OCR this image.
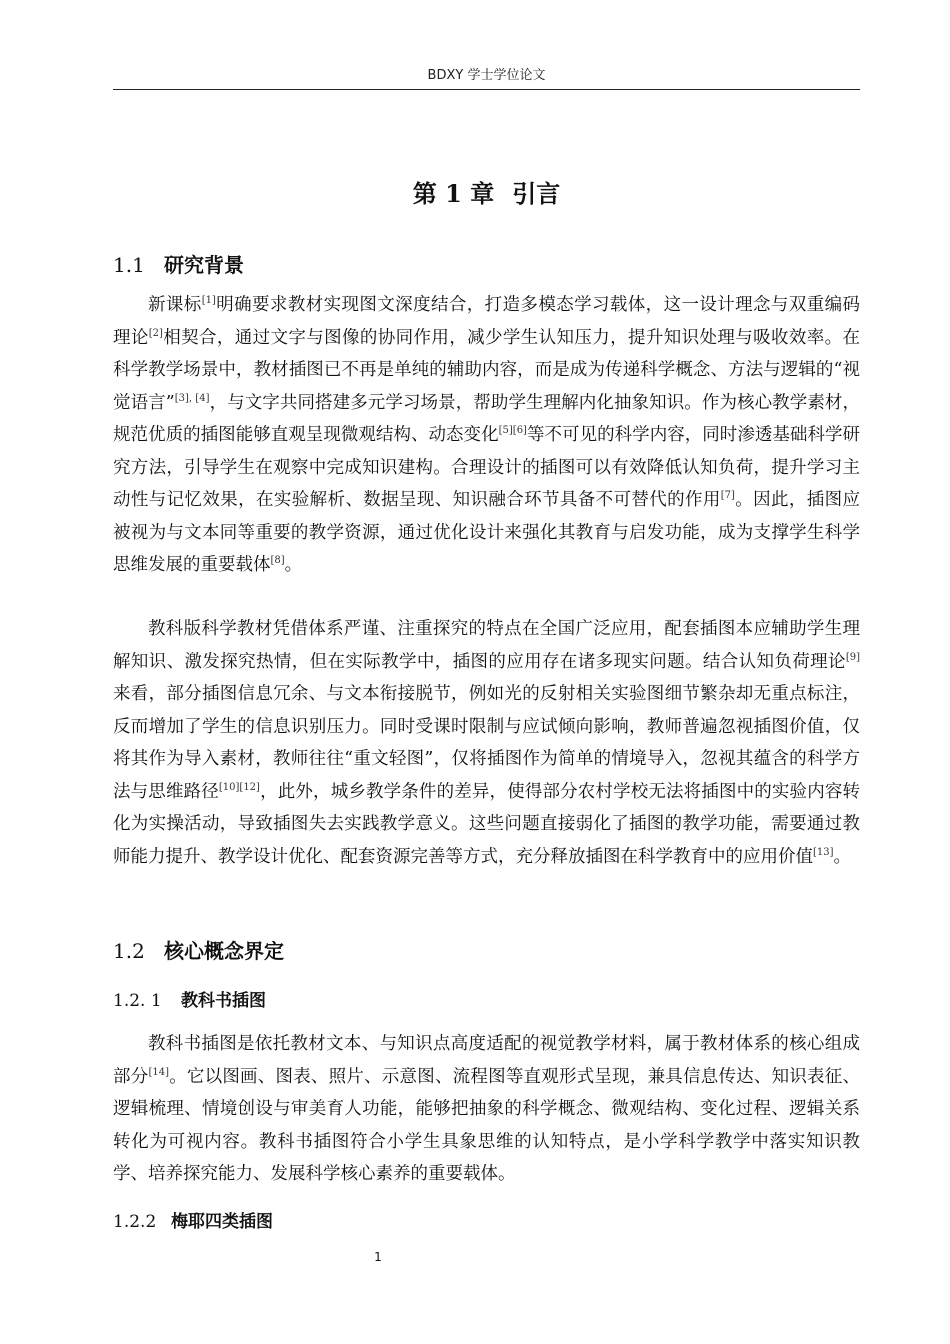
BDXY 学士学位论文
第 1 章 引言
1.1 研究背景

新课标[1]明确要求教材实现图文深度结合，打造多模态学习载体，这一设计理念与双重编码理论[2]相契合，通过文字与图像的协同作用，减少学生认知压力，提升知识处理与吸收效率。在科学教学场景中，教材插图已不再是单纯的辅助内容，而是成为传递科学概念、方法与逻辑的“视觉语言”[3], [4]，与文字共同搭建多元学习场景，帮助学生理解内化抽象知识。作为核心教学素材，规范优质的插图能够直观呈现微观结构、动态变化[5][6]等不可见的科学内容，同时渗透基础科学研究方法，引导学生在观察中完成知识建构。合理设计的插图可以有效降低认知负荷，提升学习主动性与记忆效果，在实验解析、数据呈现、知识融合环节具备不可替代的作用[7]。因此，插图应被视为与文本同等重要的教学资源，通过优化设计来强化其教育与启发功能，成为支撑学生科学思维发展的重要载体[8]。

教科版科学教材凭借体系严谨、注重探究的特点在全国广泛应用，配套插图本应辅助学生理解知识、激发探究热情，但在实际教学中，插图的应用存在诸多现实问题。结合认知负荷理论[9]来看，部分插图信息冗余、与文本衔接脱节，例如光的反射相关实验图细节繁杂却无重点标注，反而增加了学生的信息识别压力。同时受课时限制与应试倾向影响，教师普遍忽视插图价值，仅将其作为导入素材，教师往往“重文轻图”，仅将插图作为简单的情境导入，忽视其蕴含的科学方法与思维路径[10][12]，此外，城乡教学条件的差异，使得部分农村学校无法将插图中的实验内容转化为实操活动，导致插图失去实践教学意义。这些问题直接弱化了插图的教学功能，需要通过教师能力提升、教学设计优化、配套资源完善等方式，充分释放插图在科学教育中的应用价值[13]。

1.2 核心概念界定
1.2. 1 教科书插图

教科书插图是依托教材文本、与知识点高度适配的视觉教学材料，属于教材体系的核心组成部分[14]。它以图画、图表、照片、示意图、流程图等直观形式呈现，兼具信息传达、知识表征、逻辑梳理、情境创设与审美育人功能，能够把抽象的科学概念、微观结构、变化过程、逻辑关系转化为可视内容。教科书插图符合小学生具象思维的认知特点，是小学科学教学中落实知识教学、培养探究能力、发展科学核心素养的重要载体。

1.2.2 梅耶四类插图
1
